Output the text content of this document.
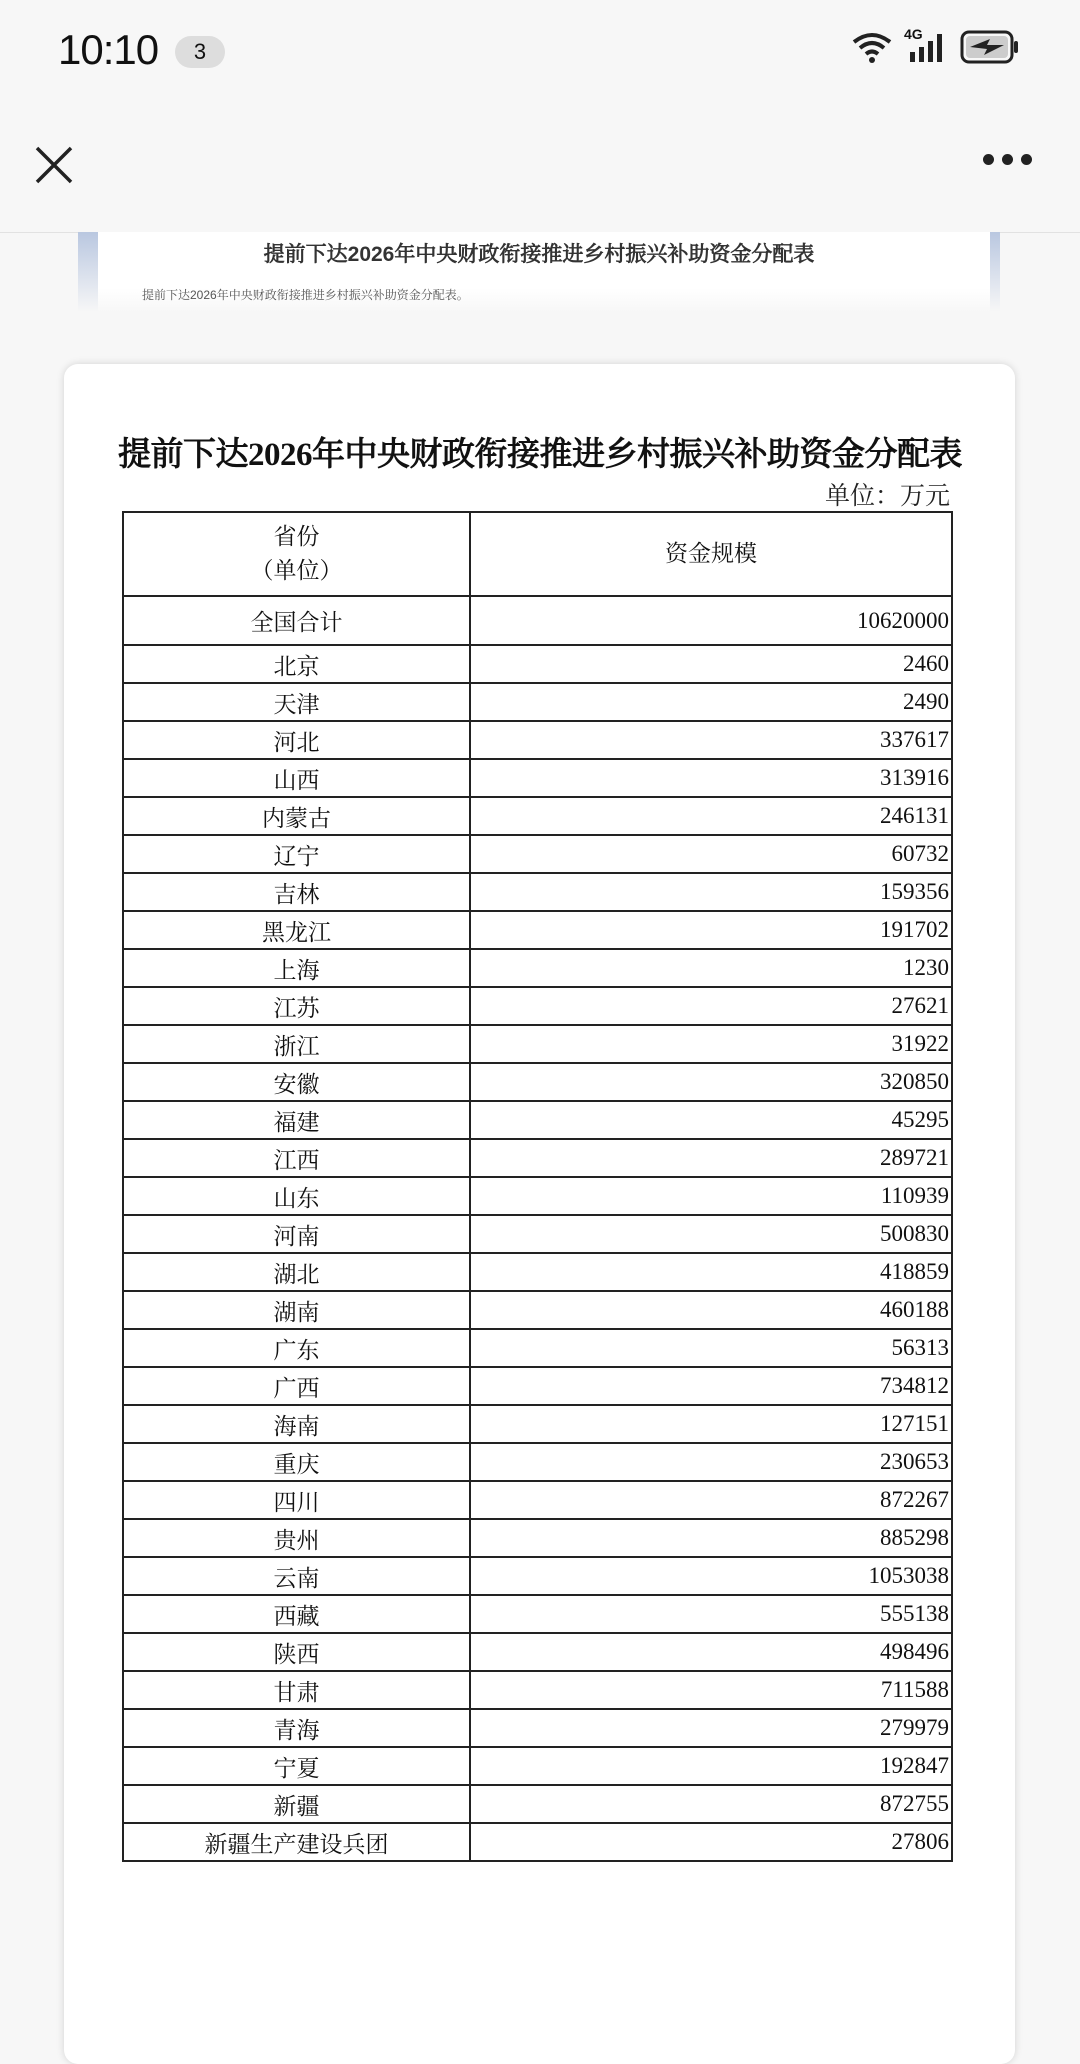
10:10	3
4G
提前下达2026年中央财政衔接推进乡村振兴补助资金分配表
提前下达2026年中央财政衔接推进乡村振兴补助资金分配表。
提前下达2026年中央财政衔接推进乡村振兴补助资金分配表
单位：万元
省份
（单位）	资金规模
全国合计	10620000
北京	2460
天津	2490
河北	337617
山西	313916
内蒙古	246131
辽宁	60732
吉林	159356
黑龙江	191702
上海	1230
江苏	27621
浙江	31922
安徽	320850
福建	45295
江西	289721
山东	110939
河南	500830
湖北	418859
湖南	460188
广东	56313
广西	734812
海南	127151
重庆	230653
四川	872267
贵州	885298
云南	1053038
西藏	555138
陕西	498496
甘肃	711588
青海	279979
宁夏	192847
新疆	872755
新疆生产建设兵团	27806
